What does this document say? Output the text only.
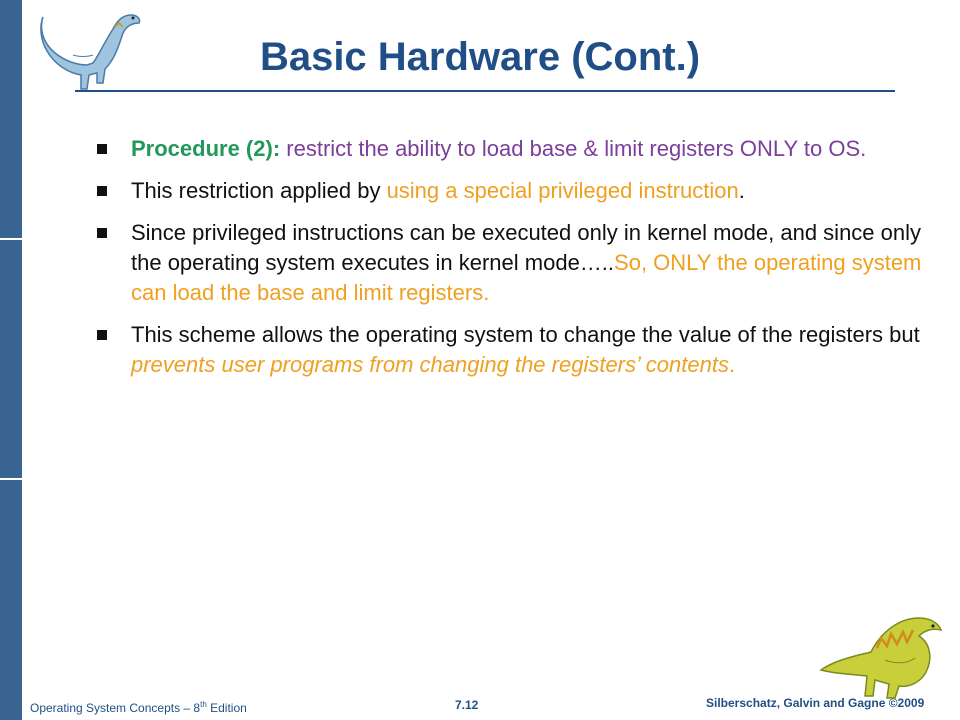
Basic Hardware (Cont.)
Procedure (2): restrict the ability to load base & limit registers ONLY to OS.
This restriction applied by using a special privileged instruction.
Since privileged instructions can be executed only in kernel mode, and since only the operating system executes in kernel mode…..So, ONLY the operating system can load the base and limit registers.
This scheme allows the operating system to change the value of the registers but prevents user programs from changing the registers’ contents.
Operating System Concepts – 8th Edition	7.12	Silberschatz, Galvin and Gagne ©2009
